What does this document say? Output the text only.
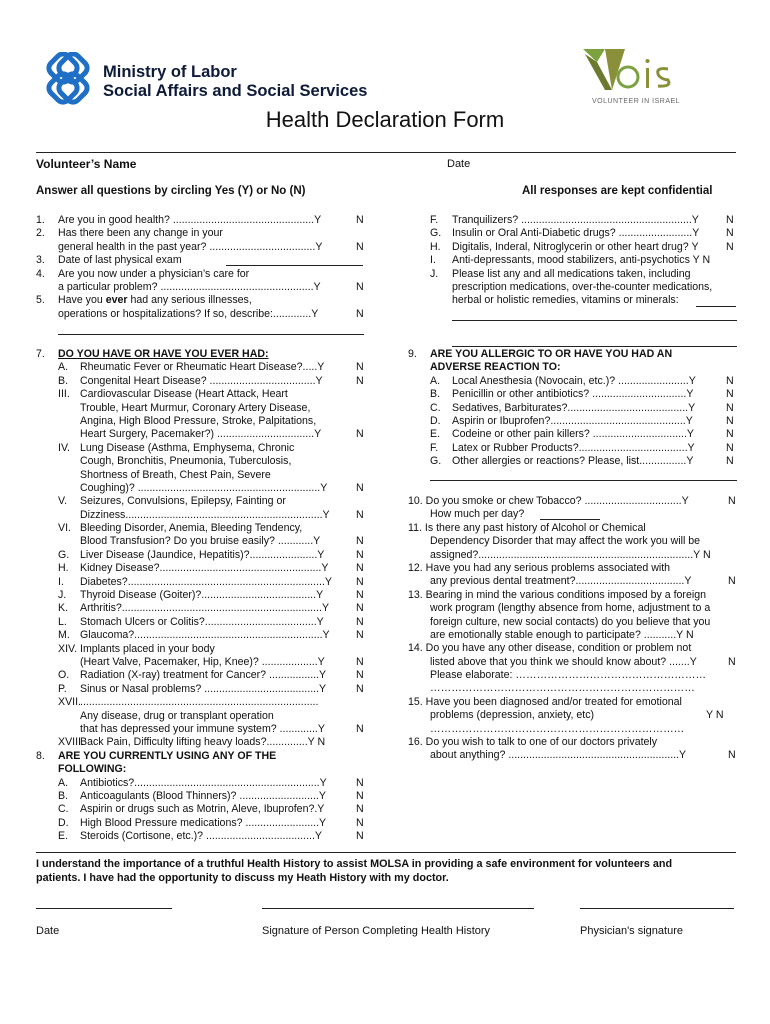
Ministry of Labor
Social Affairs and Social Services
VOLUNTEER IN ISRAEL
Health Declaration Form
Volunteer’s Name	Date
Answer all questions by circling Yes (Y) or No (N)	All responses are kept confidential
1. Are you in good health? ................................................Y	N
2. Has there been any change in your
general health in the past year? ....................................Y	N
3. Date of last physical exam
4. Are you now under a physician’s care for
a particular problem? ....................................................Y	N
5. Have you ever had any serious illnesses,
operations or hospitalizations? If so, describe:.............Y	N
7. DO YOU HAVE OR HAVE YOU EVER HAD:
A. Rheumatic Fever or Rheumatic Heart Disease?.....Y	N
B. Congenital Heart Disease? ....................................Y	N
III. Cardiovascular Disease (Heart Attack, Heart
Trouble, Heart Murmur, Coronary Artery Disease,
Angina, High Blood Pressure, Stroke, Palpitations,
Heart Surgery, Pacemaker?) .................................Y	N
IV. Lung Disease (Asthma, Emphysema, Chronic
Cough, Bronchitis, Pneumonia, Tuberculosis,
Shortness of Breath, Chest Pain, Severe
Coughing)? ..............................................................Y	N
V. Seizures, Convulsions, Epilepsy, Fainting or
Dizziness...................................................................Y N
VI. Bleeding Disorder, Anemia, Bleeding Tendency,
Blood Transfusion? Do you bruise easily? ............Y	N
G. Liver Disease (Jaundice, Hepatitis)?.......................Y	N
H. Kidney Disease?.......................................................Y	N
I. Diabetes?...................................................................Y N
J. Thyroid Disease (Goiter)?.......................................Y	N
K. Arthritis?....................................................................Y	N
L. Stomach Ulcers or Colitis?......................................Y	N
M. Glaucoma?................................................................Y N
XIV. Implants placed in your body
(Heart Valve, Pacemaker, Hip, Knee)? ...................Y	N
O. Radiation (X-ray) treatment for Cancer? .................Y	N
P. Sinus or Nasal problems? .......................................Y	N
XVII. .................................................................................
Any disease, drug or transplant operation
that has depressed your immune system? .............Y	N
XVIII.
Back Pain, Difficulty lifting heavy loads?..............Y N
8. ARE YOU CURRENTLY USING ANY OF THE
FOLLOWING:
A. Antibiotics?...............................................................Y	N
B. Anticoagulants (Blood Thinners)? ...........................Y	N
C. Aspirin or drugs such as Motrin, Aleve, Ibuprofen?.Y	N
D. High Blood Pressure medications? .........................Y	N
E. Steroids (Cortisone, etc.)? .....................................Y	N
F. Tranquilizers? ..........................................................Y	N
G. Insulin or Oral Anti-Diabetic drugs? .........................Y	N
H. Digitalis, Inderal, Nitroglycerin or other heart drug? Y	N
I. Anti-depressants, mood stabilizers, anti-psychotics Y N
J. Please list any and all medications taken, including
prescription medications, over-the-counter medications,
herbal or holistic remedies, vitamins or minerals:
9. ARE YOU ALLERGIC TO OR HAVE YOU HAD AN
ADVERSE REACTION TO:
A. Local Anesthesia (Novocain, etc.)? ........................Y	N
B. Penicillin or other antibiotics? ................................Y	N
C. Sedatives, Barbiturates?.........................................Y	N
D. Aspirin or Ibuprofen?..............................................Y	N
E. Codeine or other pain killers? ................................Y	N
F. Latex or Rubber Products?.....................................Y	N
G. Other allergies or reactions? Please, list................Y	N
10. Do you smoke or chew Tobacco? .................................Y	N
How much per day?
11. Is there any past history of Alcohol or Chemical
Dependency Disorder that may affect the work you will be
assigned?.........................................................................Y N
12. Have you had any serious problems associated with
any previous dental treatment?.....................................Y	N
13. Bearing in mind the various conditions imposed by a foreign
work program (lengthy absence from home, adjustment to a
foreign culture, new social contacts) do you believe that you
are emotionally stable enough to participate? ...........Y N
14. Do you have any other disease, condition or problem not
listed above that you think we should know about? .......Y	N
Please elaborate: ………………………………………………
…………………………………………………………………
15. Have you been diagnosed and/or treated for emotional
problems (depression, anxiety, etc)	Y N
………………………………………………………………
16. Do you wish to talk to one of our doctors privately
about anything? ..........................................................Y	N
I understand the importance of a truthful Health History to assist MOLSA in providing a safe environment for volunteers and
patients. I have had the opportunity to discuss my Heath History with my doctor.
Date	Signature of Person Completing Health History	Physician's signature
